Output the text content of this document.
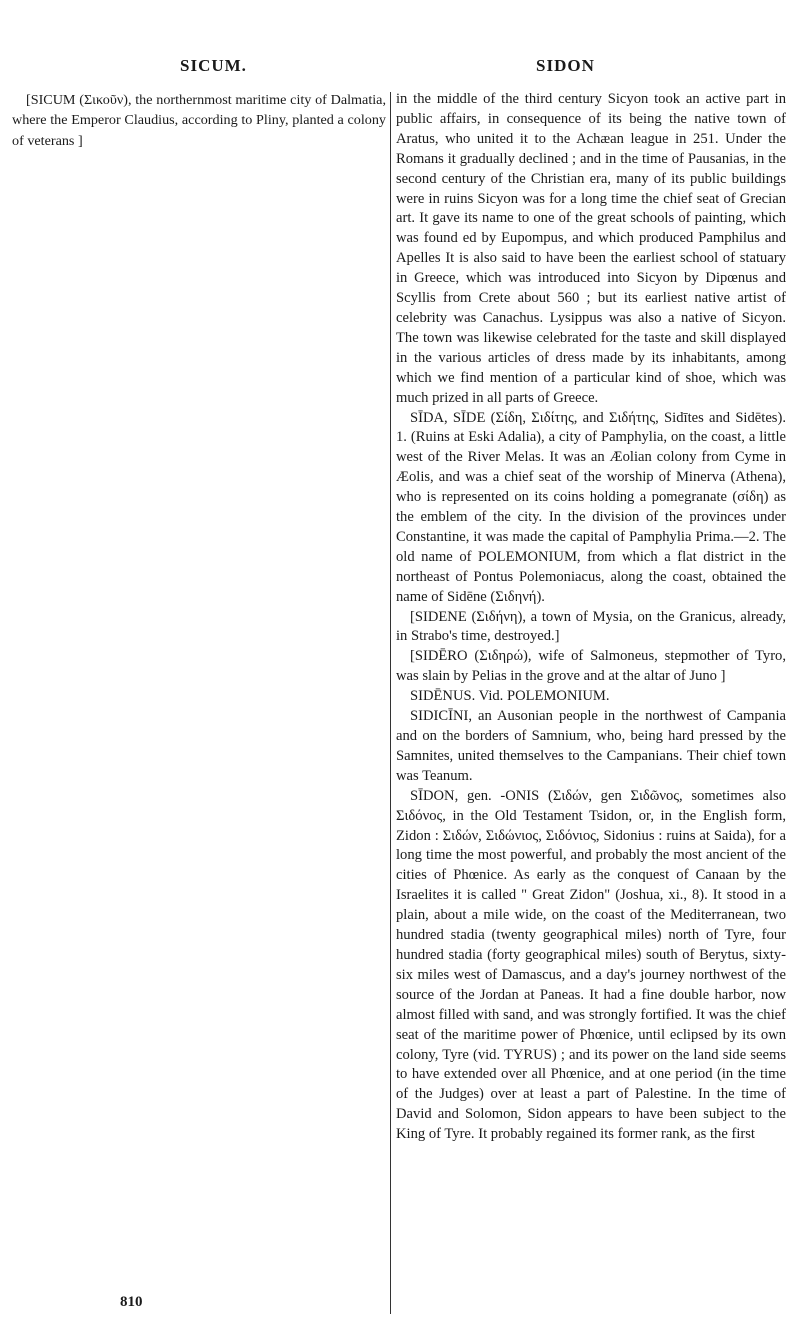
SICUM.	SIDON

[SICUM (Σικοῦν), the northernmost maritime city of Dalmatia, where the Emperor Claudius, according to Pliny, planted a colony of veterans ]

in the middle of the third century Sicyon took an active part in public affairs, in consequence of its being the native town of Aratus, who united it to the Achæan league in 251. Under the Romans it gradually declined ; and in the time of Pausanias, in the second century of the Christian era, many of its public buildings were in ruins Sicyon was for a long time the chief seat of Grecian art. It gave its name to one of the great schools of painting, which was found ed by Eupompus, and which produced Pamphilus and Apelles It is also said to have been the earliest school of statuary in Greece, which was introduced into Sicyon by Dipœnus and Scyllis from Crete about 560 ; but its earliest native artist of celebrity was Canachus. Lysippus was also a native of Sicyon. The town was likewise celebrated for the taste and skill displayed in the various articles of dress made by its inhabitants, among which we find mention of a particular kind of shoe, which was much prized in all parts of Greece.

SĪDA, SĪDE (Σίδη, Σιδίτης, and Σιδήτης, Sidītes and Sidētes). 1. (Ruins at Eski Adalia), a city of Pamphylia, on the coast, a little west of the River Melas. It was an Æolian colony from Cyme in Æolis, and was a chief seat of the worship of Minerva (Athena), who is represented on its coins holding a pomegranate (σίδη) as the emblem of the city. In the division of the provinces under Constantine, it was made the capital of Pamphylia Prima.—2. The old name of POLEMONIUM, from which a flat district in the northeast of Pontus Polemoniacus, along the coast, obtained the name of Sidēne (Σιδηνή).

[SIDENE (Σιδήνη), a town of Mysia, on the Granicus, already, in Strabo's time, destroyed.]

[SIDĒRO (Σιδηρώ), wife of Salmoneus, stepmother of Tyro, was slain by Pelias in the grove and at the altar of Juno ]

SIDĒNUS. Vid. POLEMONIUM.

SIDICĪNI, an Ausonian people in the northwest of Campania and on the borders of Samnium, who, being hard pressed by the Samnites, united themselves to the Campanians. Their chief town was Teanum.

SĪDON, gen. -ONIS (Σιδών, gen Σιδῶνος, sometimes also Σιδόνος, in the Old Testament Tsidon, or, in the English form, Zidon : Σιδών, Σιδώνιος, Σιδόνιος, Sidonius : ruins at Saida), for a long time the most powerful, and probably the most ancient of the cities of Phœnice. As early as the conquest of Canaan by the Israelites it is called " Great Zidon" (Joshua, xi., 8). It stood in a plain, about a mile wide, on the coast of the Mediterranean, two hundred stadia (twenty geographical miles) north of Tyre, four hundred stadia (forty geographical miles) south of Berytus, sixty-six miles west of Damascus, and a day's journey northwest of the source of the Jordan at Paneas. It had a fine double harbor, now almost filled with sand, and was strongly fortified. It was the chief seat of the maritime power of Phœnice, until eclipsed by its own colony, Tyre (vid. TYRUS) ; and its power on the land side seems to have extended over all Phœnice, and at one period (in the time of the Judges) over at least a part of Palestine. In the time of David and Solomon, Sidon appears to have been subject to the King of Tyre. It probably regained its former rank, as the first

810
